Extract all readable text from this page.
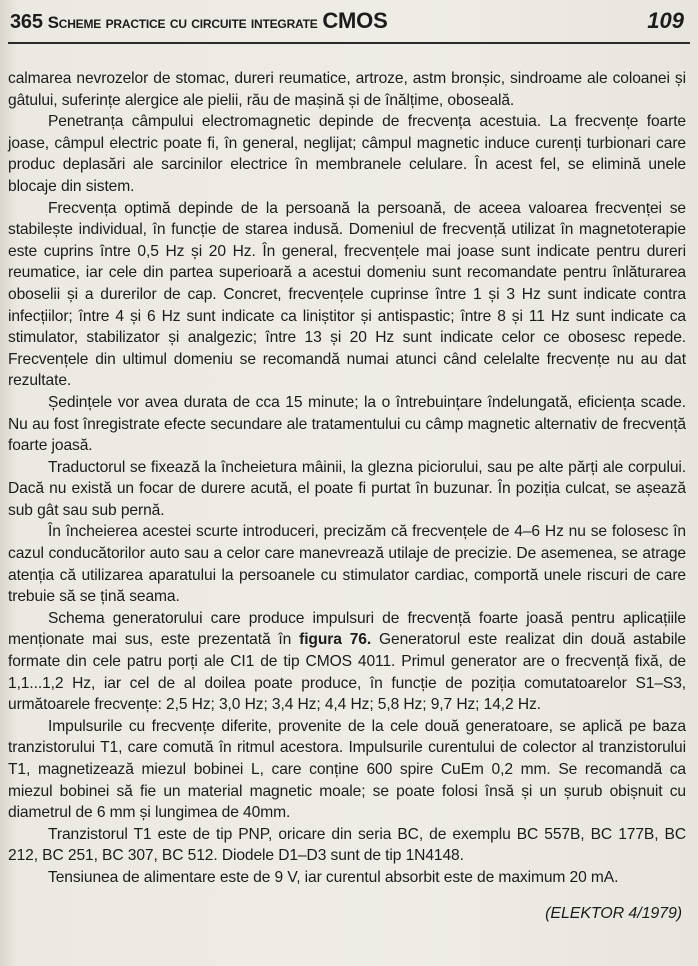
365 Scheme practice cu circuite integrate CMOS	109

calmarea nevrozelor de stomac, dureri reumatice, artroze, astm bronșic, sindroame ale coloanei și gâtului, suferințe alergice ale pielii, rău de mașină și de înălțime, oboseală.

Penetranța câmpului electromagnetic depinde de frecvența acestuia. La frecvențe foarte joase, câmpul electric poate fi, în general, neglijat; câmpul magnetic induce curenți turbionari care produc deplasări ale sarcinilor electrice în membranele celulare. În acest fel, se elimină unele blocaje din sistem.

Frecvența optimă depinde de la persoană la persoană, de aceea valoarea frecvenței se stabilește individual, în funcție de starea indusă. Domeniul de frecvență utilizat în magnetoterapie este cuprins între 0,5 Hz și 20 Hz. În general, frecvențele mai joase sunt indicate pentru dureri reumatice, iar cele din partea superioară a acestui domeniu sunt recomandate pentru înlăturarea oboselii și a durerilor de cap. Concret, frecvențele cuprinse între 1 și 3 Hz sunt indicate contra infecțiilor; între 4 și 6 Hz sunt indicate ca liniștitor și antispastic; între 8 și 11 Hz sunt indicate ca stimulator, stabilizator și analgezic; între 13 și 20 Hz sunt indicate celor ce obosesc repede. Frecvențele din ultimul domeniu se recomandă numai atunci când celelalte frecvențe nu au dat rezultate.

Ședințele vor avea durata de cca 15 minute; la o întrebuințare îndelungată, eficiența scade. Nu au fost înregistrate efecte secundare ale tratamentului cu câmp magnetic alternativ de frecvență foarte joasă.

Traductorul se fixează la încheietura mâinii, la glezna piciorului, sau pe alte părți ale corpului. Dacă nu există un focar de durere acută, el poate fi purtat în buzunar. În poziția culcat, se așează sub gât sau sub pernă.

În încheierea acestei scurte introduceri, precizăm că frecvențele de 4–6 Hz nu se folosesc în cazul conducătorilor auto sau a celor care manevrează utilaje de precizie. De asemenea, se atrage atenția că utilizarea aparatului la persoanele cu stimulator cardiac, comportă unele riscuri de care trebuie să se țină seama.

Schema generatorului care produce impulsuri de frecvență foarte joasă pentru aplicațiile menționate mai sus, este prezentată în figura 76. Generatorul este realizat din două astabile formate din cele patru porți ale CI1 de tip CMOS 4011. Primul generator are o frecvență fixă, de 1,1...1,2 Hz, iar cel de al doilea poate produce, în funcție de poziția comutatoarelor S1–S3, următoarele frecvențe: 2,5 Hz; 3,0 Hz; 3,4 Hz; 4,4 Hz; 5,8 Hz; 9,7 Hz; 14,2 Hz.

Impulsurile cu frecvențe diferite, provenite de la cele două generatoare, se aplică pe baza tranzistorului T1, care comută în ritmul acestora. Impulsurile curentului de colector al tranzistorului T1, magnetizează miezul bobinei L, care conține 600 spire CuEm 0,2 mm. Se recomandă ca miezul bobinei să fie un material magnetic moale; se poate folosi însă și un șurub obișnuit cu diametrul de 6 mm și lungimea de 40mm.

Tranzistorul T1 este de tip PNP, oricare din seria BC, de exemplu BC 557B, BC 177B, BC 212, BC 251, BC 307, BC 512. Diodele D1–D3 sunt de tip 1N4148.

Tensiunea de alimentare este de 9 V, iar curentul absorbit este de maximum 20 mA.

(ELEKTOR 4/1979)
